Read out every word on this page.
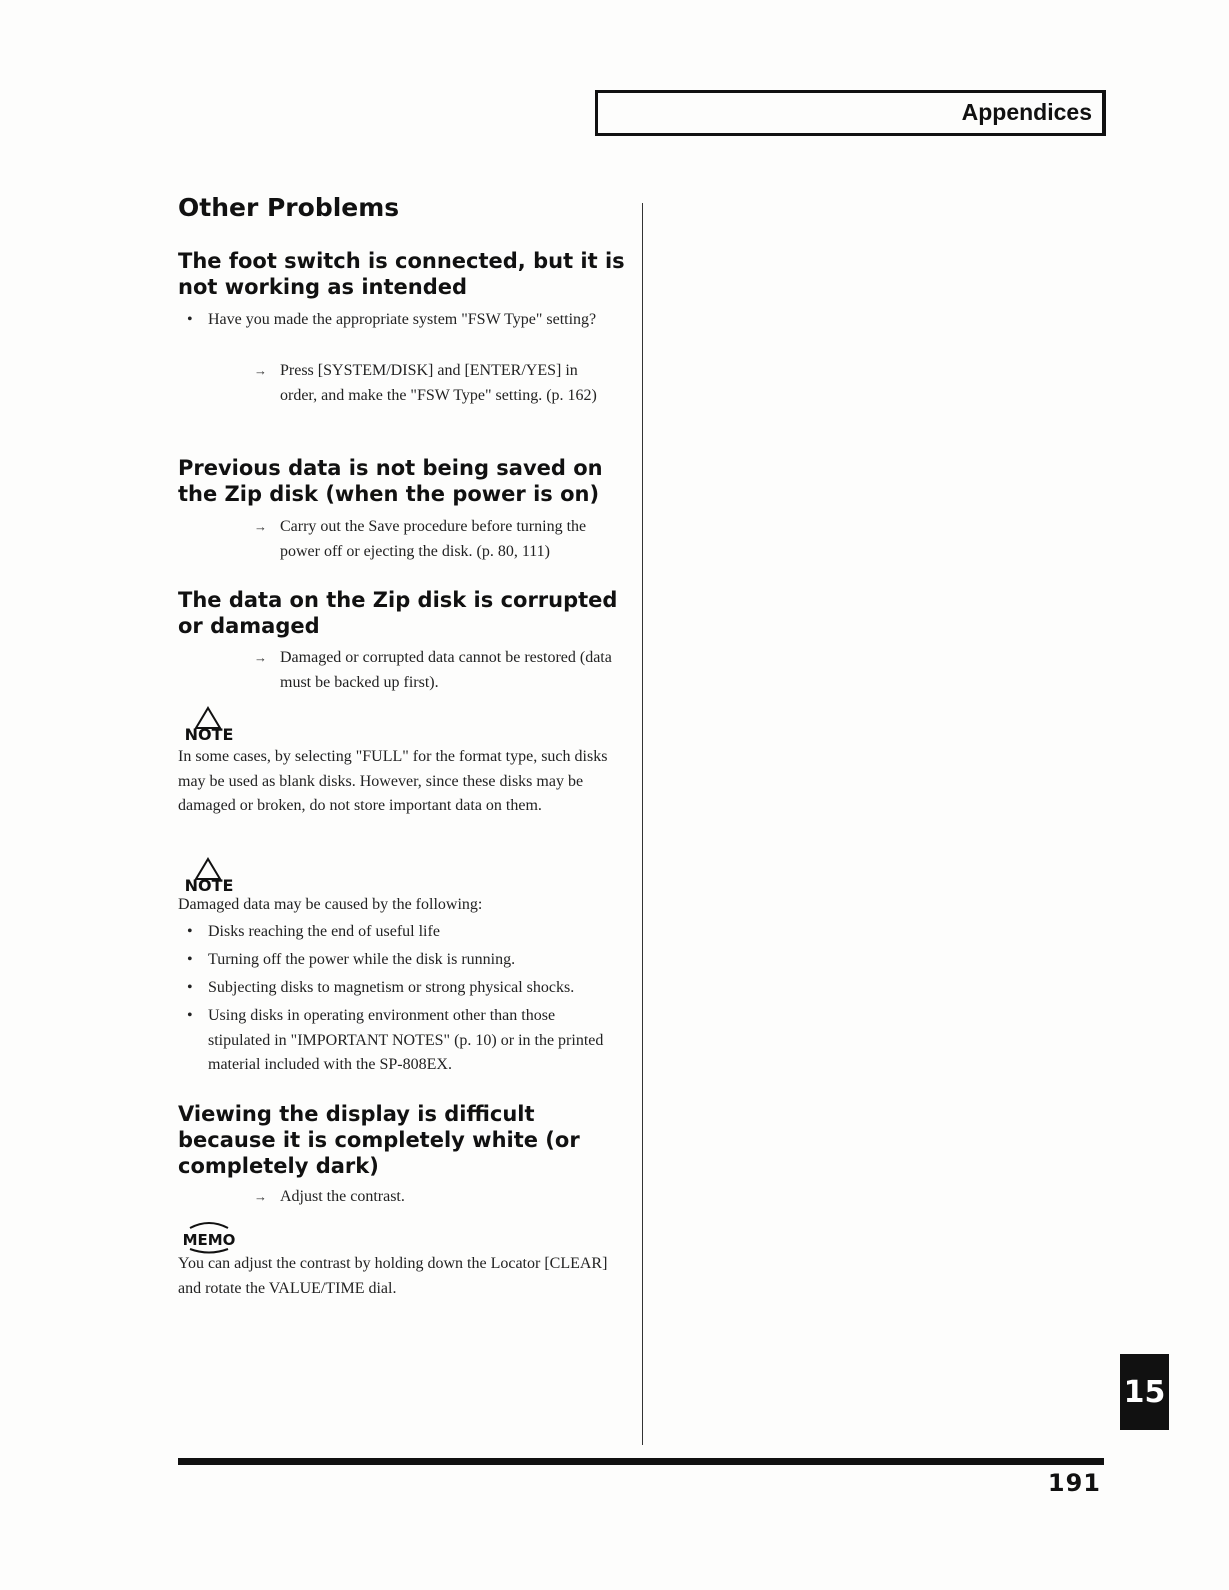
Appendices
Other Problems
The foot switch is connected, but it is not working as intended

• Have you made the appropriate system "FSW Type" setting?

→ Press [SYSTEM/DISK] and [ENTER/YES] in order, and make the "FSW Type" setting. (p. 162)

Previous data is not being saved on the Zip disk (when the power is on)

→ Carry out the Save procedure before turning the power off or ejecting the disk. (p. 80, 111)

The data on the Zip disk is corrupted or damaged

→ Damaged or corrupted data cannot be restored (data must be backed up first).

NOTE

In some cases, by selecting "FULL" for the format type, such disks may be used as blank disks. However, since these disks may be damaged or broken, do not store important data on them.

NOTE

Damaged data may be caused by the following:

• Disks reaching the end of useful life

• Turning off the power while the disk is running.

• Subjecting disks to magnetism or strong physical shocks.

• Using disks in operating environment other than those stipulated in "IMPORTANT NOTES" (p. 10) or in the printed material included with the SP-808EX.

Viewing the display is difficult because it is completely white (or completely dark)

→ Adjust the contrast.

MEMO

You can adjust the contrast by holding down the Locator [CLEAR] and rotate the VALUE/TIME dial.

15
191
